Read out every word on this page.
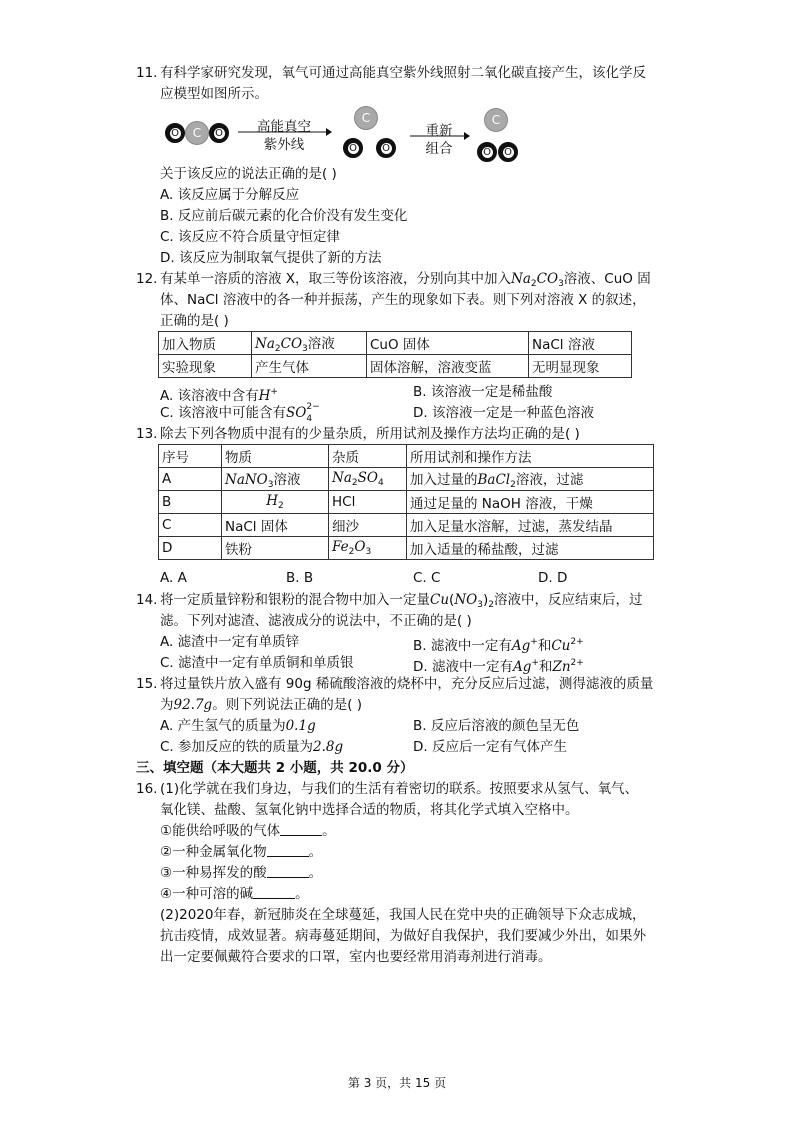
11. 有科学家研究发现，氧气可通过高能真空紫外线照射二氧化碳直接产生，该化学反
应模型如图所示。
O	C	O	高能真空
紫外线
C
O	O
重新
组合
C
O O
关于该反应的说法正确的是( )
A. 该反应属于分解反应
B. 反应前后碳元素的化合价没有发生变化
C. 该反应不符合质量守恒定律
D. 该反应为制取氧气提供了新的方法
12. 有某单一溶质的溶液 X，取三等份该溶液，分别向其中加入$Na_2CO_3$溶液、CuO 固
体、NaCl 溶液中的各一种并振荡，产生的现象如下表。则下列对溶液 X 的叙述，
正确的是( )
加入物质	$Na_2CO_3$溶液	CuO 固体	NaCl 溶液
实验现象	产生气体	固体溶解，溶液变蓝	无明显现象
A. 该溶液中含有H+	B. 该溶液一定是稀盐酸
C. 该溶液中可能含有SO 2−
4	D. 该溶液一定是一种蓝色溶液
13. 除去下列各物质中混有的少量杂质，所用试剂及操作方法均正确的是( )
序号	物质	杂质	所用试剂和操作方法
A	NaNO$_3$溶液	$Na_2SO_4$	加入过量的BaCl$_2$溶液，过滤
B	$H_2$	HCl	通过足量的 NaOH 溶液，干燥
C	NaCl 固体	细沙	加入足量水溶解，过滤，蒸发结晶
D	铁粉	$Fe_2O_3$	加入适量的稀盐酸，过滤
A. A	B. B	C. C	D. D
14. 将一定质量锌粉和银粉的混合物中加入一定量$Cu(NO_3)_2$溶液中，反应结束后，过
滤。下列对滤渣、滤液成分的说法中，不正确的是( )
A. 滤渣中一定有单质锌	B. 滤液中一定有Ag+和$Cu^{2+}$
C. 滤渣中一定有单质铜和单质银	D. 滤液中一定有Ag+和$Zn^{2+}$
15. 将过量铁片放入盛有 90g 稀硫酸溶液的烧杯中，充分反应后过滤，测得滤液的质量
为92.7g。则下列说法正确的是( )
A. 产生氢气的质量为0.1g	B. 反应后溶液的颜色呈无色
C. 参加反应的铁的质量为2.8g	D. 反应后一定有气体产生
三、填空题（本大题共 2 小题，共 20.0 分）
16. (1)化学就在我们身边，与我们的生活有着密切的联系。按照要求从氢气、氧气、
氧化镁、盐酸、氢氧化钠中选择合适的物质，将其化学式填入空格中。
①能供给呼吸的气体	。
②一种金属氧化物	。
③一种易挥发的酸	。
④一种可溶的碱	。
(2)2020年春，新冠肺炎在全球蔓延，我国人民在党中央的正确领导下众志成城，
抗击疫情，成效显著。病毒蔓延期间，为做好自我保护，我们要减少外出，如果外
出一定要佩戴符合要求的口罩，室内也要经常用消毒剂进行消毒。
第 3 页，共 15 页
